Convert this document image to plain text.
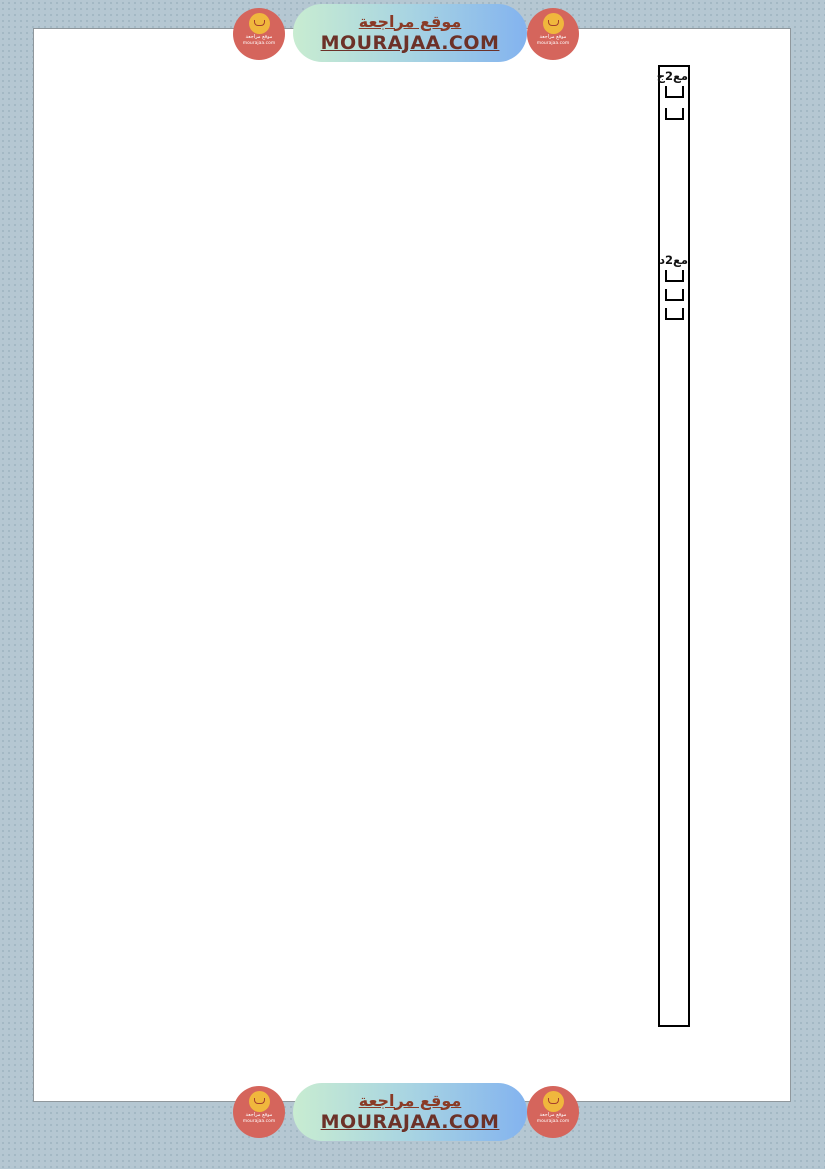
موقع مراجعة
mourajaa.com
موقع مراجعة
MOURAJAA.COM	موقع مراجعة
mourajaa.com

مع2ج
مع2د
موقع مراجعة
mourajaa.com
موقع مراجعة
MOURAJAA.COM	موقع مراجعة
mourajaa.com
